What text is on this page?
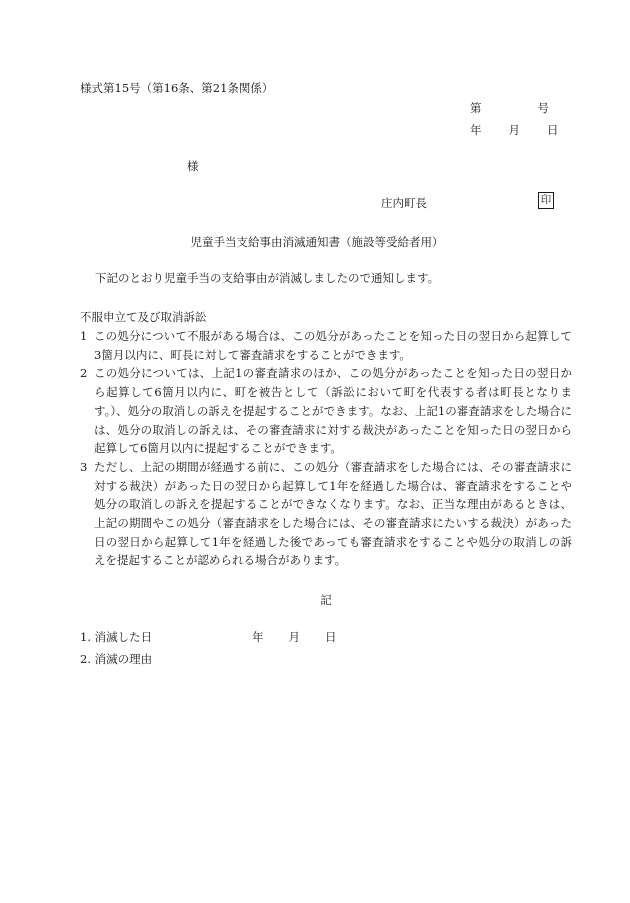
様式第15号（第16条、第21条関係）
第	号
年 月 日
様
庄内町長	印
児童手当支給事由消滅通知書（施設等受給者用）
下記のとおり児童手当の支給事由が消滅しましたので通知します。
不服申立て及び取消訴訟
1 この処分について不服がある場合は、この処分があったことを知った日の翌日から起算して3箇月以内に、町長に対して審査請求をすることができます。
2 この処分については、上記1の審査請求のほか、この処分があったことを知った日の翌日から起算して6箇月以内に、町を被告として（訴訟において町を代表する者は町長となります。）、処分の取消しの訴えを提起することができます。なお、上記1の審査請求をした場合には、処分の取消しの訴えは、その審査請求に対する裁決があったことを知った日の翌日から起算して6箇月以内に提起することができます。
3 ただし、上記の期間が経過する前に、この処分（審査請求をした場合には、その審査請求に対する裁決）があった日の翌日から起算して1年を経過した場合は、審査請求をすることや処分の取消しの訴えを提起することができなくなります。なお、正当な理由があるときは、上記の期間やこの処分（審査請求をした場合には、その審査請求にたいする裁決）があった日の翌日から起算して1年を経過した後であっても審査請求をすることや処分の取消しの訴えを提起することが認められる場合があります。
記
1. 消滅した日	年 月 日
2. 消滅の理由
